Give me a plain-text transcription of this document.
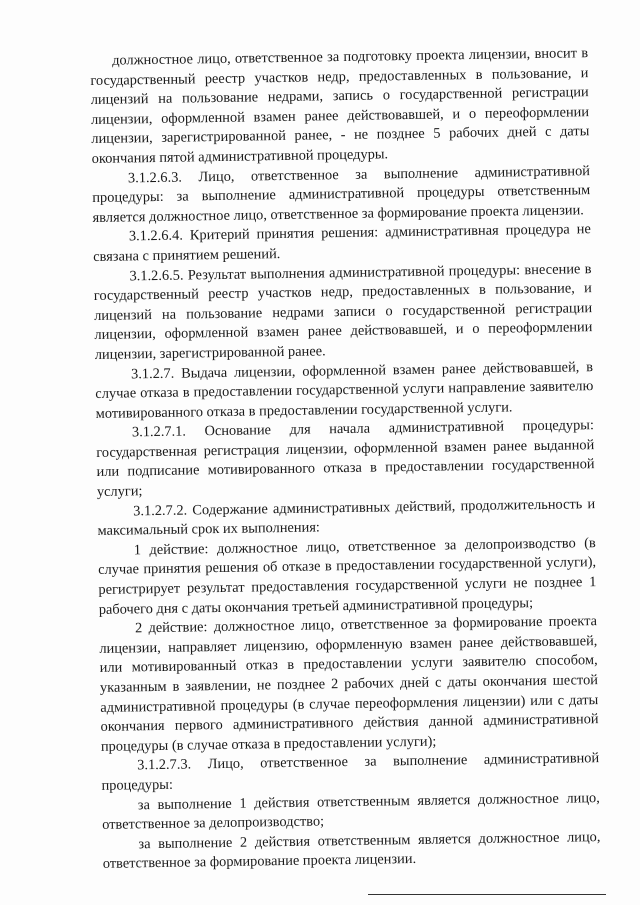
должностное лицо, ответственное за подготовку проекта лицензии, вносит в государственный реестр участков недр, предоставленных в пользование, и лицензий на пользование недрами, запись о государственной регистрации лицензии, оформленной взамен ранее действовавшей, и о переоформлении лицензии, зарегистрированной ранее, - не позднее 5 рабочих дней с даты окончания пятой административной процедуры.

3.1.2.6.3. Лицо, ответственное за выполнение административной процедуры: за выполнение административной процедуры ответственным является должностное лицо, ответственное за формирование проекта лицензии.

3.1.2.6.4. Критерий принятия решения: административная процедура не связана с принятием решений.

3.1.2.6.5. Результат выполнения административной процедуры: внесение в государственный реестр участков недр, предоставленных в пользование, и лицензий на пользование недрами записи о государственной регистрации лицензии, оформленной взамен ранее действовавшей, и о переоформлении лицензии, зарегистрированной ранее.

3.1.2.7. Выдача лицензии, оформленной взамен ранее действовавшей, в случае отказа в предоставлении государственной услуги направление заявителю мотивированного отказа в предоставлении государственной услуги.

3.1.2.7.1. Основание для начала административной процедуры: государственная регистрация лицензии, оформленной взамен ранее выданной или подписание мотивированного отказа в предоставлении государственной услуги;

3.1.2.7.2. Содержание административных действий, продолжительность и максимальный срок их выполнения:

1 действие: должностное лицо, ответственное за делопроизводство (в случае принятия решения об отказе в предоставлении государственной услуги), регистрирует результат предоставления государственной услуги не позднее 1 рабочего дня с даты окончания третьей административной процедуры;

2 действие: должностное лицо, ответственное за формирование проекта лицензии, направляет лицензию, оформленную взамен ранее действовавшей, или мотивированный отказ в предоставлении услуги заявителю способом, указанным в заявлении, не позднее 2 рабочих дней с даты окончания шестой административной процедуры (в случае переоформления лицензии) или с даты окончания первого административного действия данной административной процедуры (в случае отказа в предоставлении услуги);

3.1.2.7.3. Лицо, ответственное за выполнение административной процедуры:

за выполнение 1 действия ответственным является должностное лицо, ответственное за делопроизводство;

за выполнение 2 действия ответственным является должностное лицо, ответственное за формирование проекта лицензии.
